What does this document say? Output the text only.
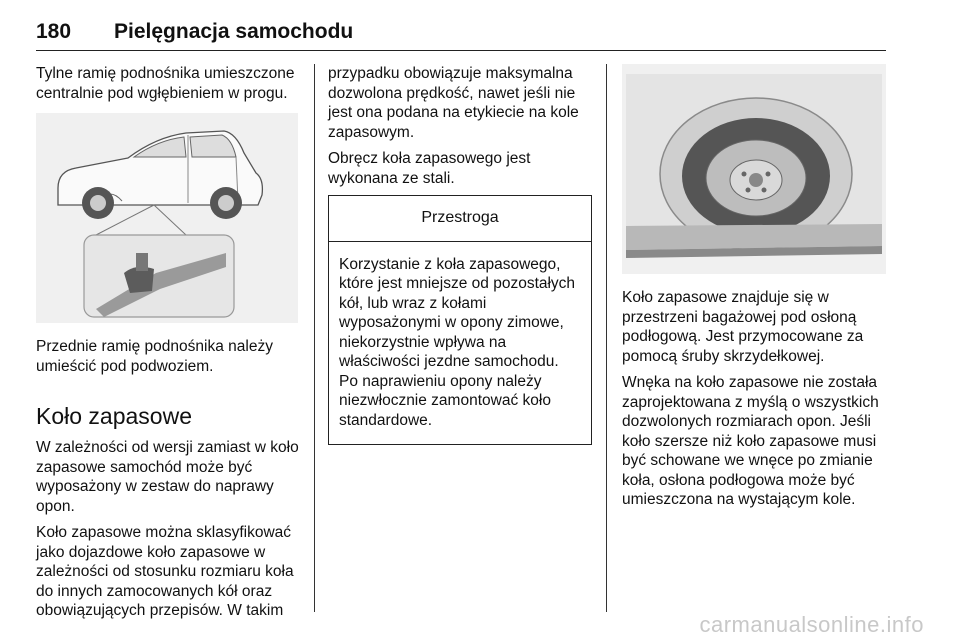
180 Pielęgnacja samochodu

Tylne ramię podnośnika umieszczone centralnie pod wgłębieniem w progu.

Przednie ramię podnośnika należy umieścić pod podwoziem.

Koło zapasowe

W zależności od wersji zamiast w koło zapasowe samochód może być wyposażony w zestaw do naprawy opon.

Koło zapasowe można sklasyfikować jako dojazdowe koło zapasowe w zależności od stosunku rozmiaru koła do innych zamocowanych kół oraz obowiązujących przepisów. W takim

przypadku obowiązuje maksymalna dozwolona prędkość, nawet jeśli nie jest ona podana na etykiecie na kole zapasowym.

Obręcz koła zapasowego jest wykonana ze stali.

Przestroga
Korzystanie z koła zapasowego, które jest mniejsze od pozostałych kół, lub wraz z kołami wyposażonymi w opony zimowe, niekorzystnie wpływa na właściwości jezdne samochodu. Po naprawieniu opony należy niezwłocznie zamontować koło standardowe.

Koło zapasowe znajduje się w przestrzeni bagażowej pod osłoną podłogową. Jest przymocowane za pomocą śruby skrzydełkowej.

Wnęka na koło zapasowe nie została zaprojektowana z myślą o wszystkich dozwolonych rozmiarach opon. Jeśli koło szersze niż koło zapasowe musi być schowane we wnęce po zmianie koła, osłona podłogowa może być umieszczona na wystającym kole.

carmanualsonline.info
